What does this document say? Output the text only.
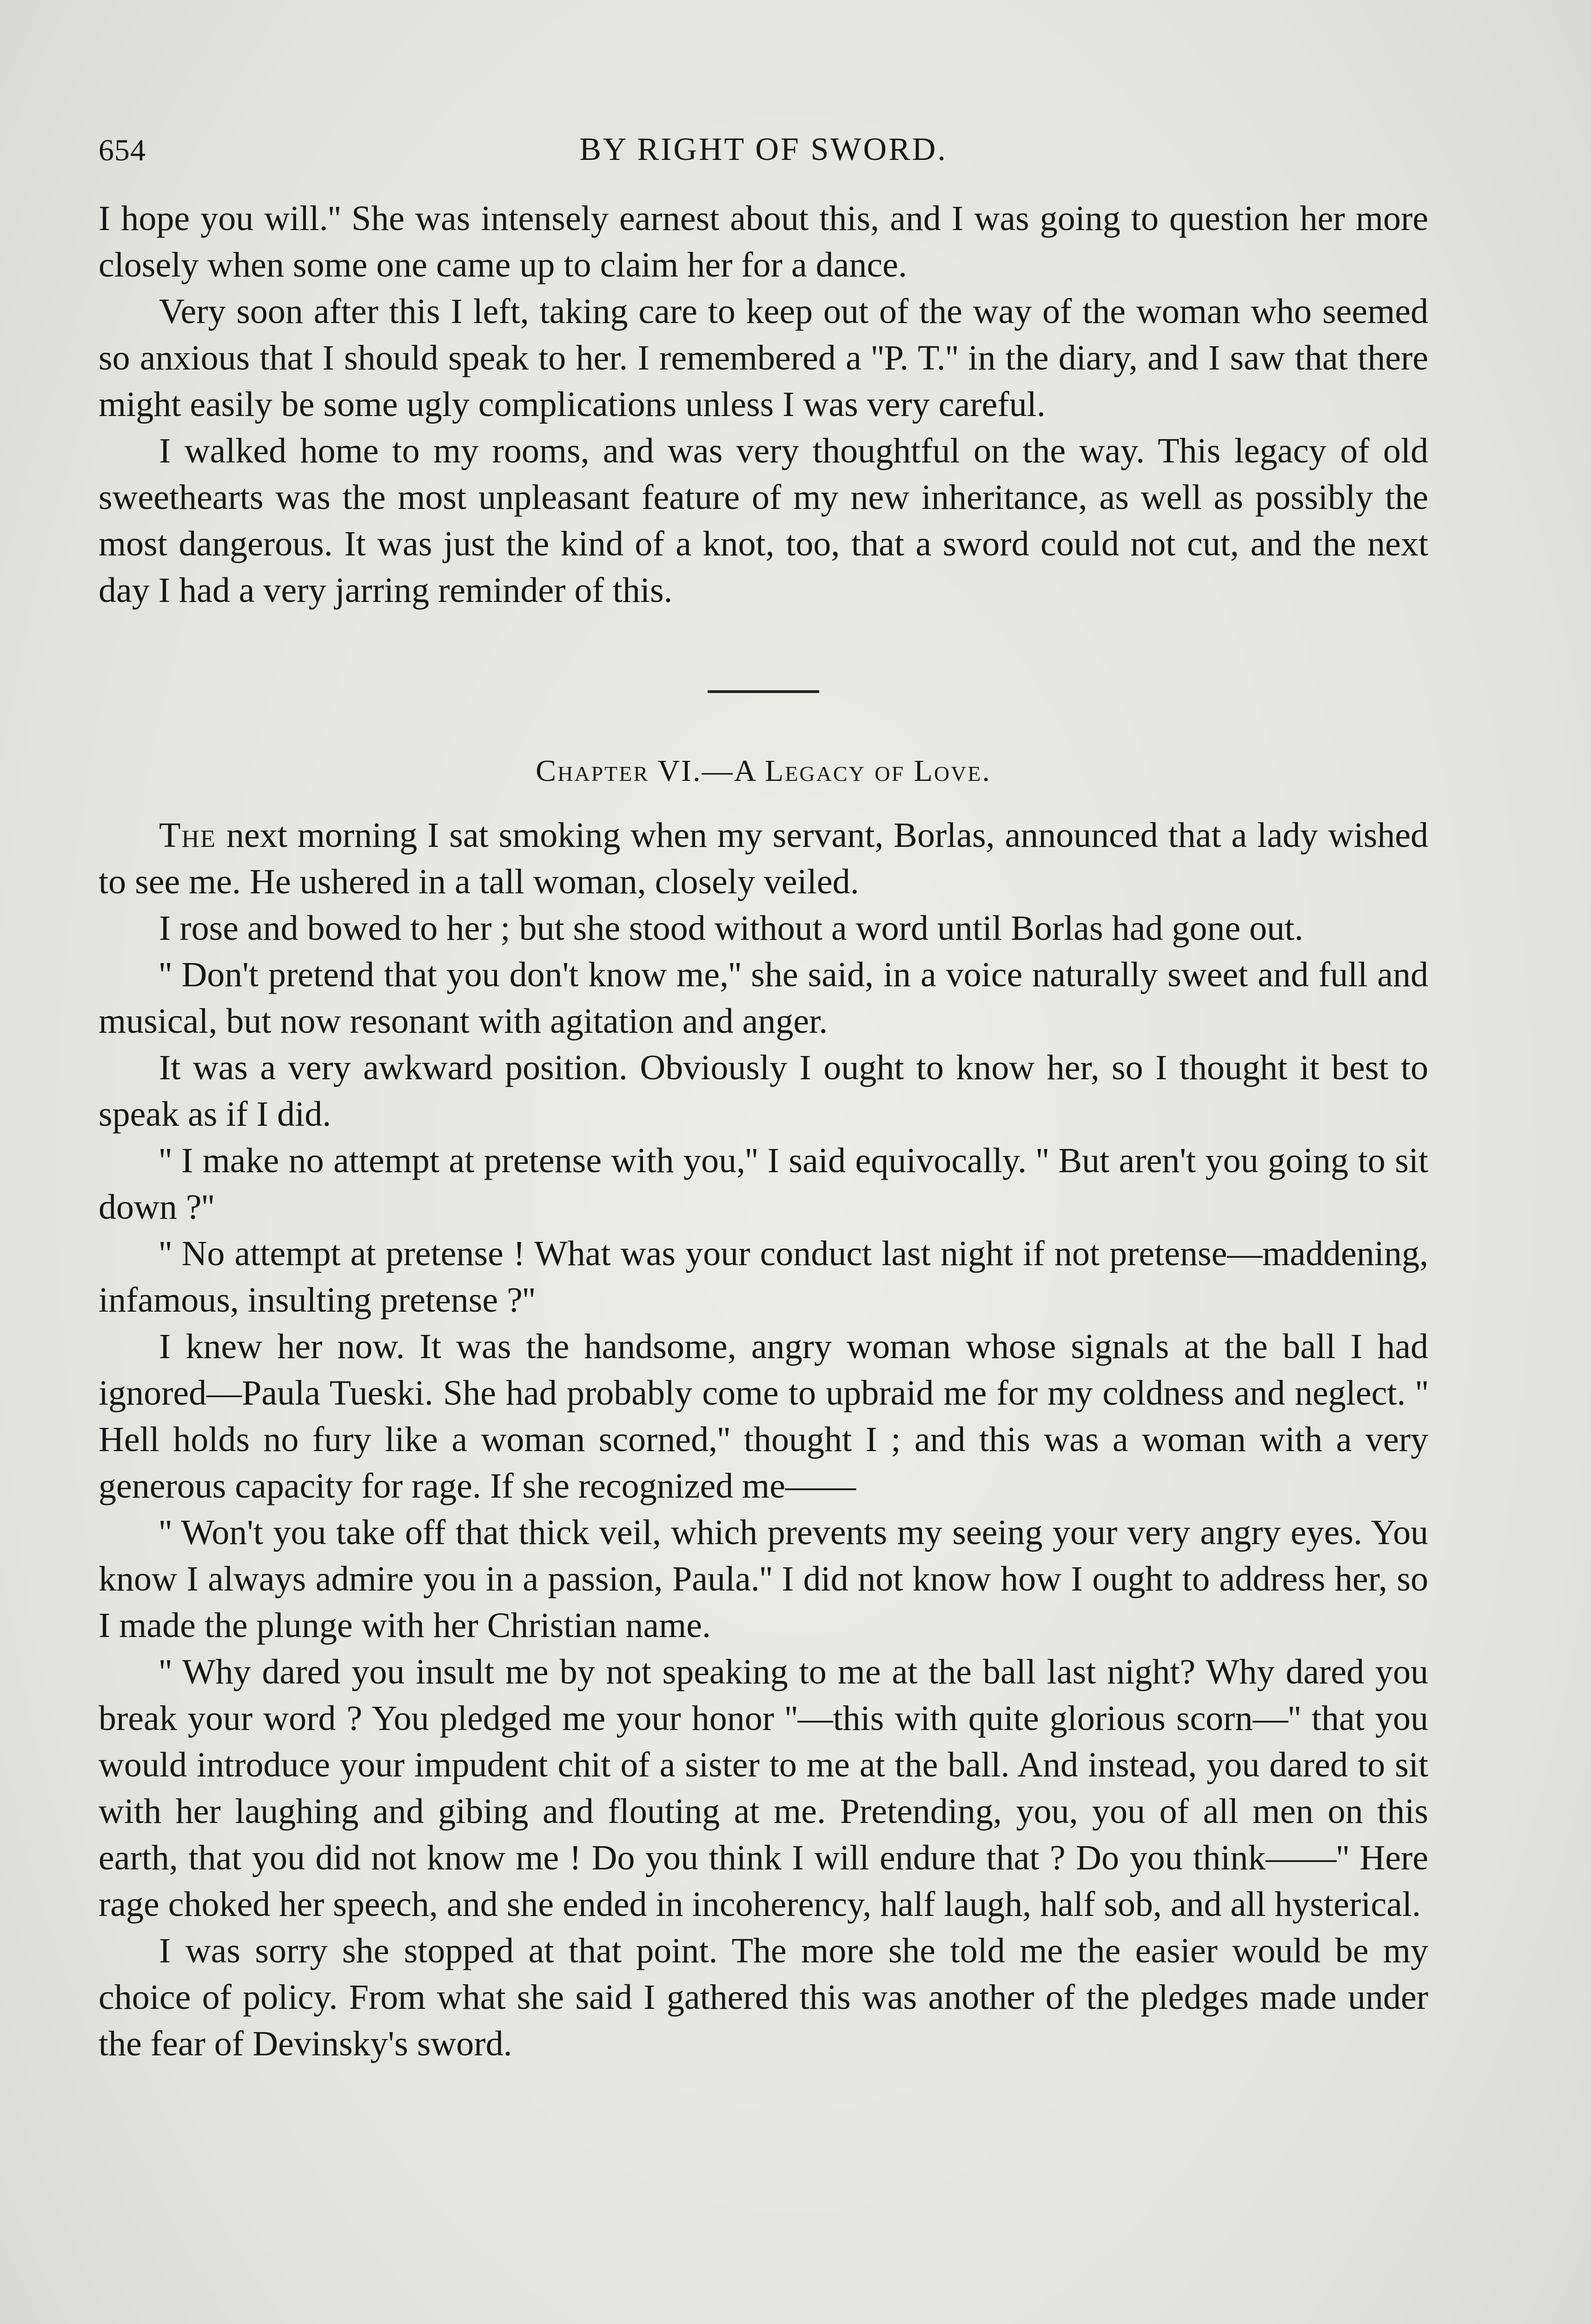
654	BY RIGHT OF SWORD.

I hope you will.'' She was intensely earnest about this, and I was going to question her more closely when some one came up to claim her for a dance.

Very soon after this I left, taking care to keep out of the way of the woman who seemed so anxious that I should speak to her. I remembered a ''P. T.'' in the diary, and I saw that there might easily be some ugly complications unless I was very careful.

I walked home to my rooms, and was very thoughtful on the way. This legacy of old sweethearts was the most unpleasant feature of my new inheritance, as well as possibly the most dangerous. It was just the kind of a knot, too, that a sword could not cut, and the next day I had a very jarring reminder of this.

Chapter VI.—A Legacy of Love.

The next morning I sat smoking when my servant, Borlas, announced that a lady wished to see me. He ushered in a tall woman, closely veiled.

I rose and bowed to her ; but she stood without a word until Borlas had gone out.

'' Don't pretend that you don't know me,'' she said, in a voice naturally sweet and full and musical, but now resonant with agitation and anger.

It was a very awkward position. Obviously I ought to know her, so I thought it best to speak as if I did.

'' I make no attempt at pretense with you,'' I said equivocally. '' But aren't you going to sit down ?''

'' No attempt at pretense ! What was your conduct last night if not pretense—maddening, infamous, insulting pretense ?''

I knew her now. It was the handsome, angry woman whose signals at the ball I had ignored—Paula Tueski. She had probably come to upbraid me for my coldness and neglect. '' Hell holds no fury like a woman scorned,'' thought I ; and this was a woman with a very generous capacity for rage. If she recognized me——

'' Won't you take off that thick veil, which prevents my seeing your very angry eyes. You know I always admire you in a passion, Paula.'' I did not know how I ought to address her, so I made the plunge with her Christian name.

'' Why dared you insult me by not speaking to me at the ball last night? Why dared you break your word ? You pledged me your honor ''—this with quite glorious scorn—'' that you would introduce your impudent chit of a sister to me at the ball. And instead, you dared to sit with her laughing and gibing and flouting at me. Pretending, you, you of all men on this earth, that you did not know me ! Do you think I will endure that ? Do you think——'' Here rage choked her speech, and she ended in incoherency, half laugh, half sob, and all hysterical.

I was sorry she stopped at that point. The more she told me the easier would be my choice of policy. From what she said I gathered this was another of the pledges made under the fear of Devinsky's sword.
